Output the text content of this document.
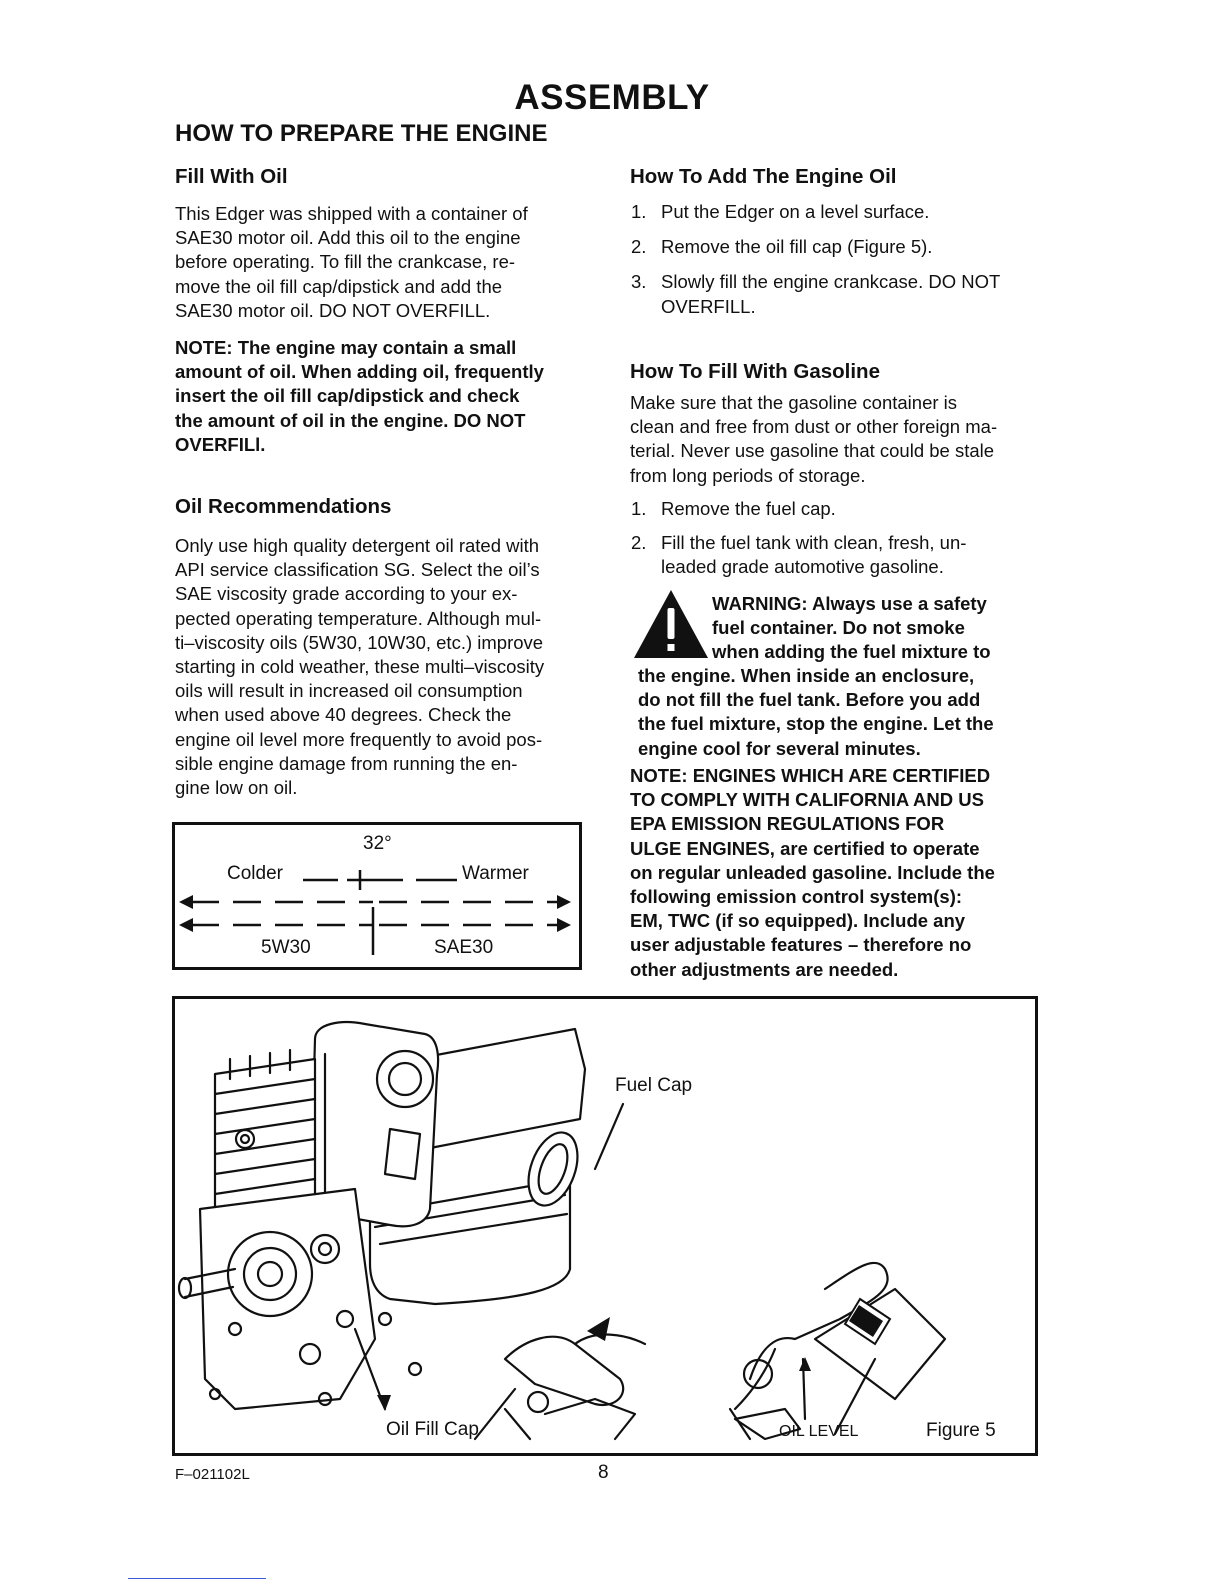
ASSEMBLY
HOW TO PREPARE THE ENGINE
Fill With Oil
This Edger was shipped with a container of
SAE30 motor oil. Add this oil to the engine
before operating. To fill the crankcase, re-
move the oil fill cap/dipstick and add the
SAE30 motor oil. DO NOT OVERFILL.
NOTE: The engine may contain a small
amount of oil. When adding oil, frequently
insert the oil fill cap/dipstick and check
the amount of oil in the engine. DO NOT
OVERFILl.
Oil Recommendations
Only use high quality detergent oil rated with
API service classification SG. Select the oil’s
SAE viscosity grade according to your ex-
pected operating temperature. Although mul-
ti–viscosity oils (5W30, 10W30, etc.) improve
starting in cold weather, these multi–viscosity
oils will result in increased oil consumption
when used above 40 degrees. Check the
engine oil level more frequently to avoid pos-
sible engine damage from running the en-
gine low on oil.
32°
Colder	Warmer
5W30	SAE30
How To Add The Engine Oil
1. Put the Edger on a level surface.
2. Remove the oil fill cap (Figure 5).
3. Slowly fill the engine crankcase. DO NOT
OVERFILL.
How To Fill With Gasoline
Make sure that the gasoline container is
clean and free from dust or other foreign ma-
terial. Never use gasoline that could be stale
from long periods of storage.
1. Remove the fuel cap.
2. Fill the fuel tank with clean, fresh, un-
leaded grade automotive gasoline.
WARNING: Always use a safety
fuel container. Do not smoke
when adding the fuel mixture to
the engine. When inside an enclosure,
do not fill the fuel tank. Before you add
the fuel mixture, stop the engine. Let the
engine cool for several minutes.
NOTE: ENGINES WHICH ARE CERTIFIED
TO COMPLY WITH CALIFORNIA AND US
EPA EMISSION REGULATIONS FOR
ULGE ENGINES, are certified to operate
on regular unleaded gasoline. Include the
following emission control system(s):
EM, TWC (if so equipped). Include any
user adjustable features – therefore no
other adjustments are needed.
Fuel Cap
Oil Fill Cap	OIL LEVEL	Figure 5
F–021102L	8
